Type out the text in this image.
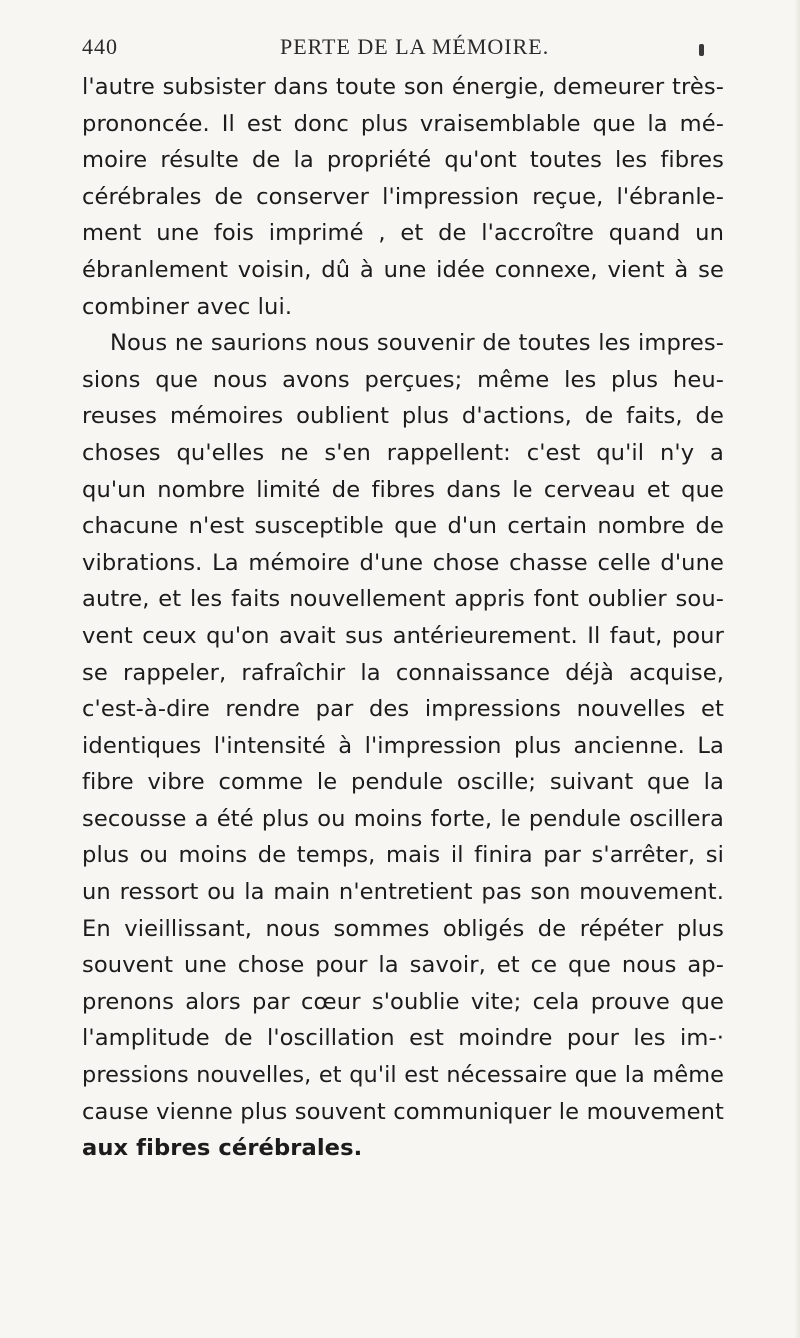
440	PERTE DE LA MÉMOIRE.
l'autre subsister dans toute son énergie, demeurer très-
prononcée. Il est donc plus vraisemblable que la mé-
moire résulte de la propriété qu'ont toutes les fibres
cérébrales de conserver l'impression reçue, l'ébranle-
ment une fois imprimé , et de l'accroître quand un
ébranlement voisin, dû à une idée connexe, vient à se
combiner avec lui.
Nous ne saurions nous souvenir de toutes les impres-
sions que nous avons perçues; même les plus heu-
reuses mémoires oublient plus d'actions, de faits, de
choses qu'elles ne s'en rappellent: c'est qu'il n'y a
qu'un nombre limité de fibres dans le cerveau et que
chacune n'est susceptible que d'un certain nombre de
vibrations. La mémoire d'une chose chasse celle d'une
autre, et les faits nouvellement appris font oublier sou-
vent ceux qu'on avait sus antérieurement. Il faut, pour
se rappeler, rafraîchir la connaissance déjà acquise,
c'est-à-dire rendre par des impressions nouvelles et
identiques l'intensité à l'impression plus ancienne. La
fibre vibre comme le pendule oscille; suivant que la
secousse a été plus ou moins forte, le pendule oscillera
plus ou moins de temps, mais il finira par s'arrêter, si
un ressort ou la main n'entretient pas son mouvement.
En vieillissant, nous sommes obligés de répéter plus
souvent une chose pour la savoir, et ce que nous ap-
prenons alors par cœur s'oublie vite; cela prouve que
l'amplitude de l'oscillation est moindre pour les im-·
pressions nouvelles, et qu'il est nécessaire que la même
cause vienne plus souvent communiquer le mouvement
aux fibres cérébrales.
